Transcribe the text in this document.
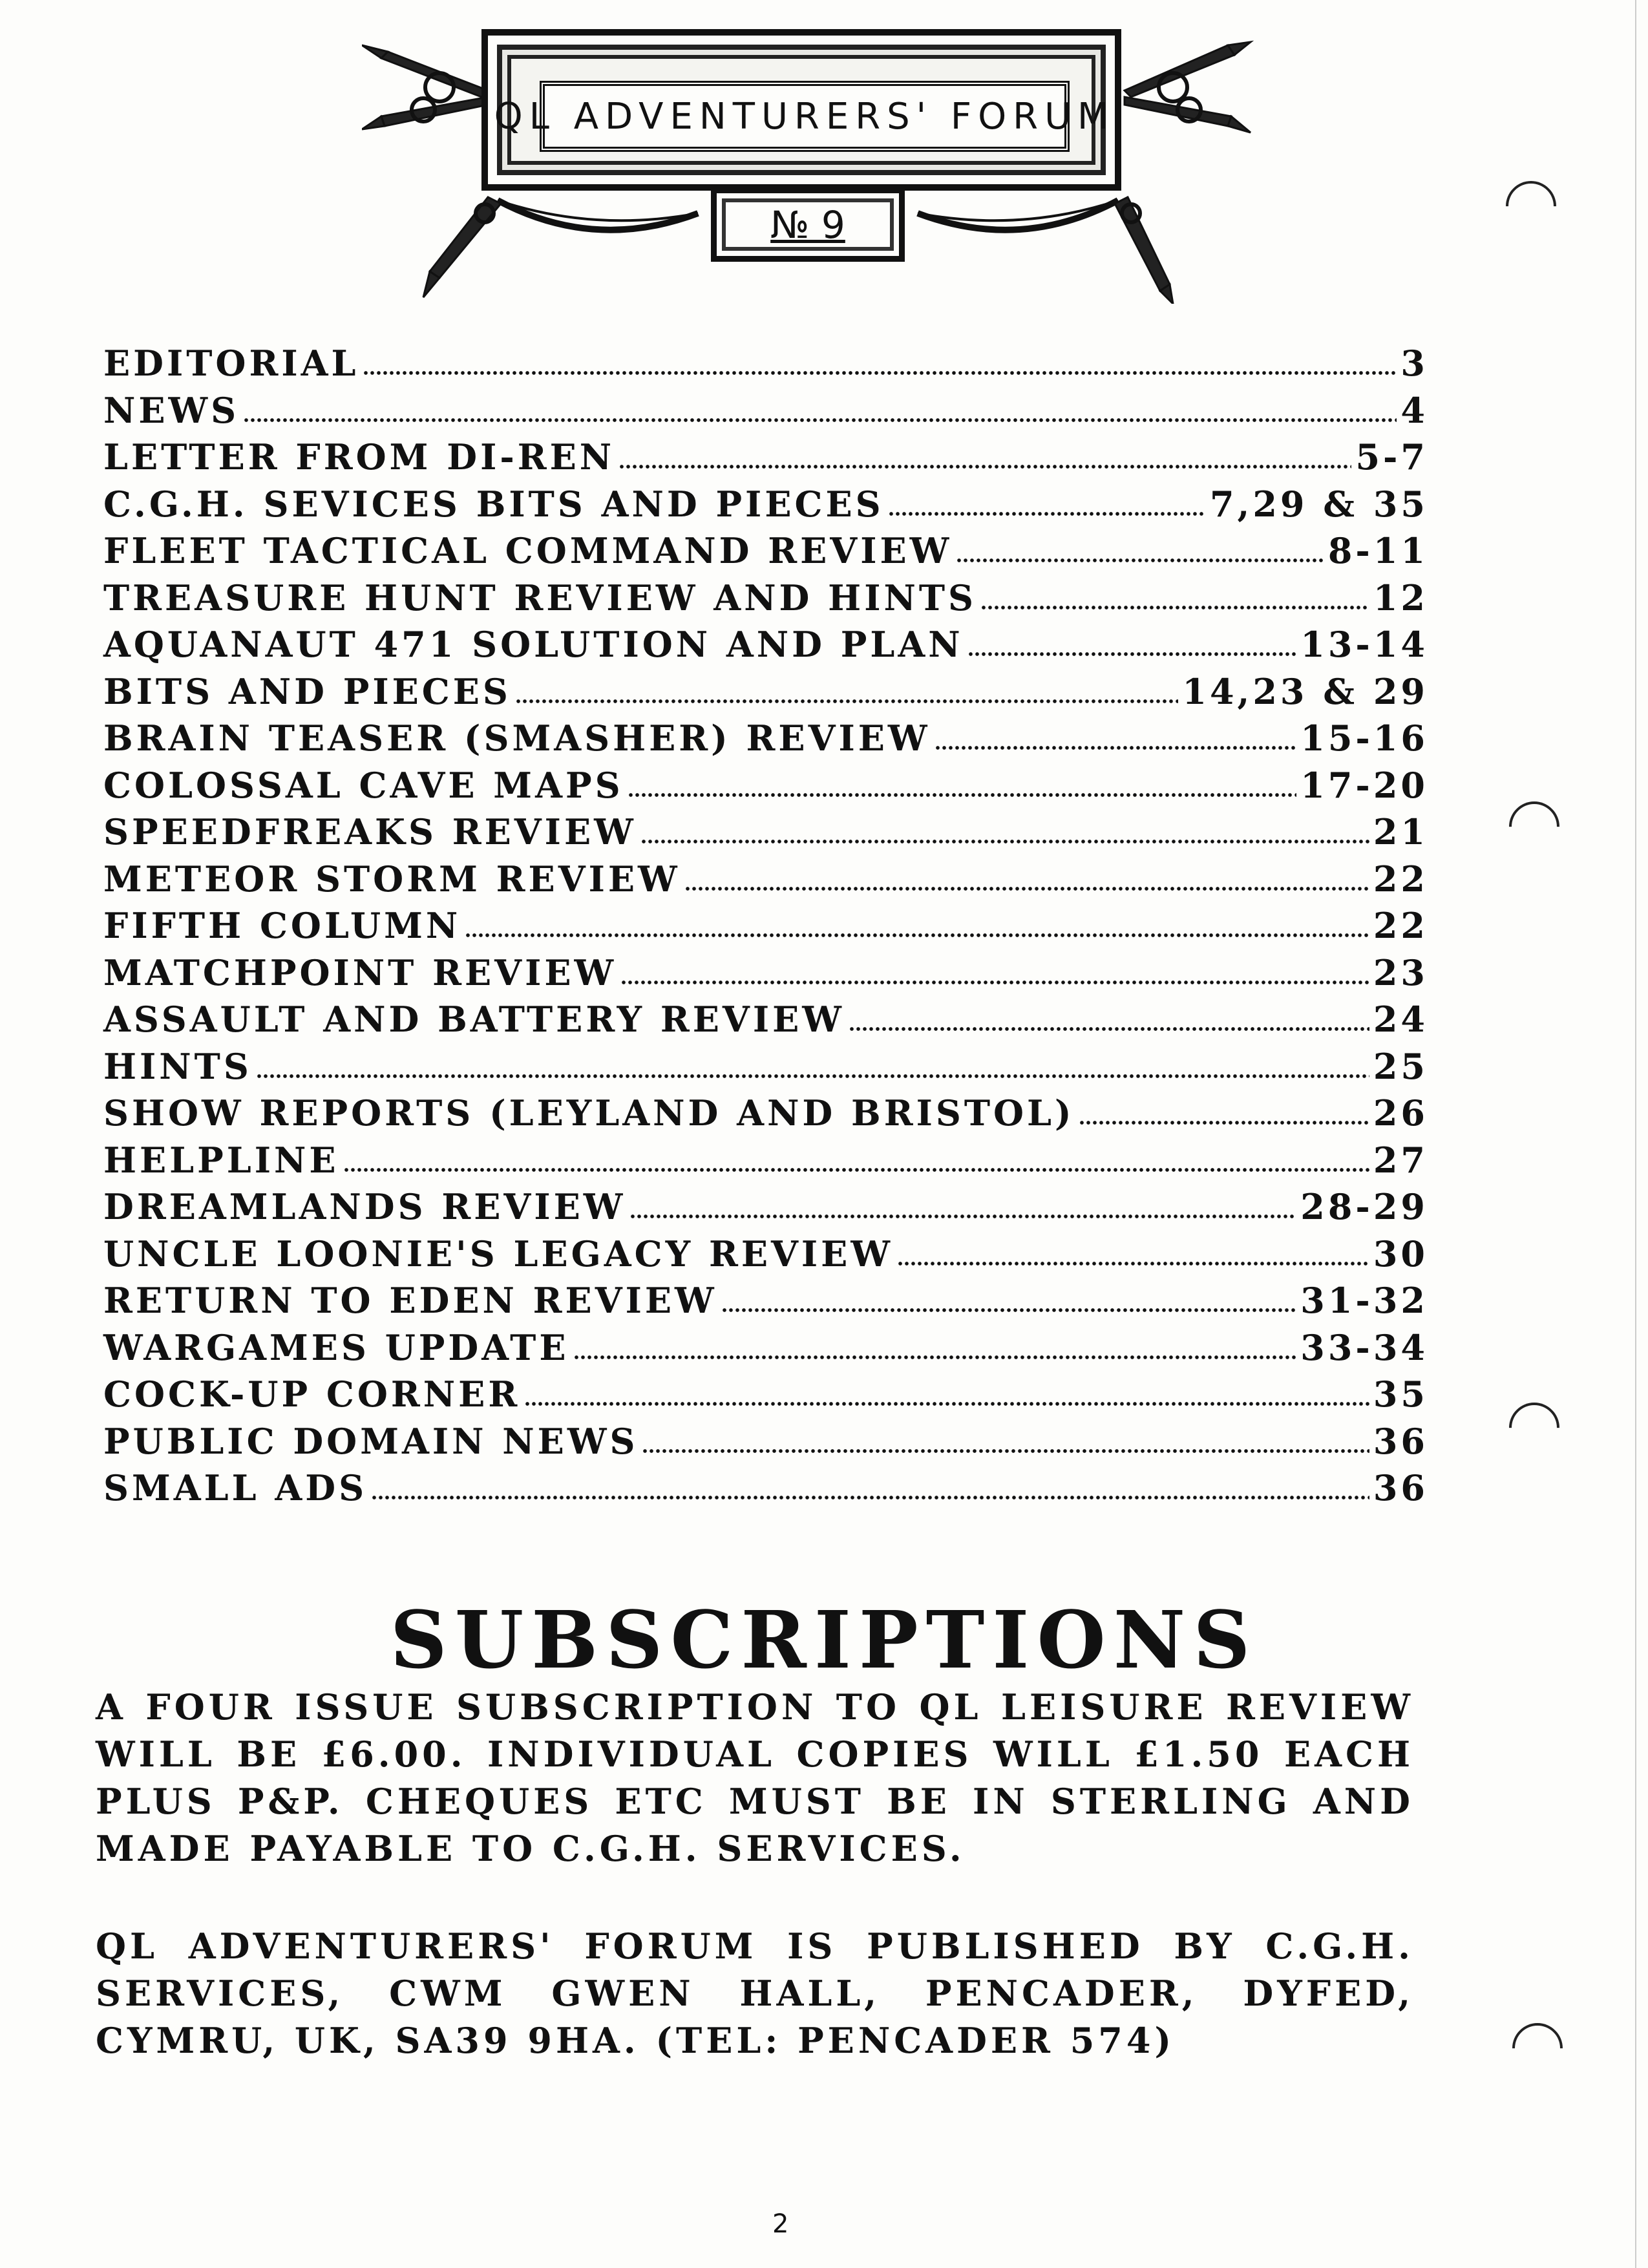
QL ADVENTURERS' FORUM
№ 9
EDITORIAL	3
NEWS	4
LETTER FROM DI-REN	5-7
C.G.H. SEVICES BITS AND PIECES	7,29 & 35
FLEET TACTICAL COMMAND REVIEW	8-11
TREASURE HUNT REVIEW AND HINTS	12
AQUANAUT 471 SOLUTION AND PLAN	13-14
BITS AND PIECES	14,23 & 29
BRAIN TEASER (SMASHER) REVIEW	15-16
COLOSSAL CAVE MAPS	17-20
SPEEDFREAKS REVIEW	21
METEOR STORM REVIEW	22
FIFTH COLUMN	22
MATCHPOINT REVIEW	23
ASSAULT AND BATTERY REVIEW	24
HINTS	25
SHOW REPORTS (LEYLAND AND BRISTOL)	26
HELPLINE	27
DREAMLANDS REVIEW	28-29
UNCLE LOONIE'S LEGACY REVIEW	30
RETURN TO EDEN REVIEW	31-32
WARGAMES UPDATE	33-34
COCK-UP CORNER	35
PUBLIC DOMAIN NEWS	36
SMALL ADS	36
SUBSCRIPTIONS
A FOUR ISSUE SUBSCRIPTION TO QL LEISURE REVIEW WILL BE £6.00. INDIVIDUAL COPIES WILL £1.50 EACH PLUS P&P. CHEQUES ETC MUST BE IN STERLING AND MADE PAYABLE TO C.G.H. SERVICES.
QL ADVENTURERS' FORUM IS PUBLISHED BY C.G.H. SERVICES, CWM GWEN HALL, PENCADER, DYFED, CYMRU, UK, SA39 9HA. (TEL: PENCADER 574)
2
